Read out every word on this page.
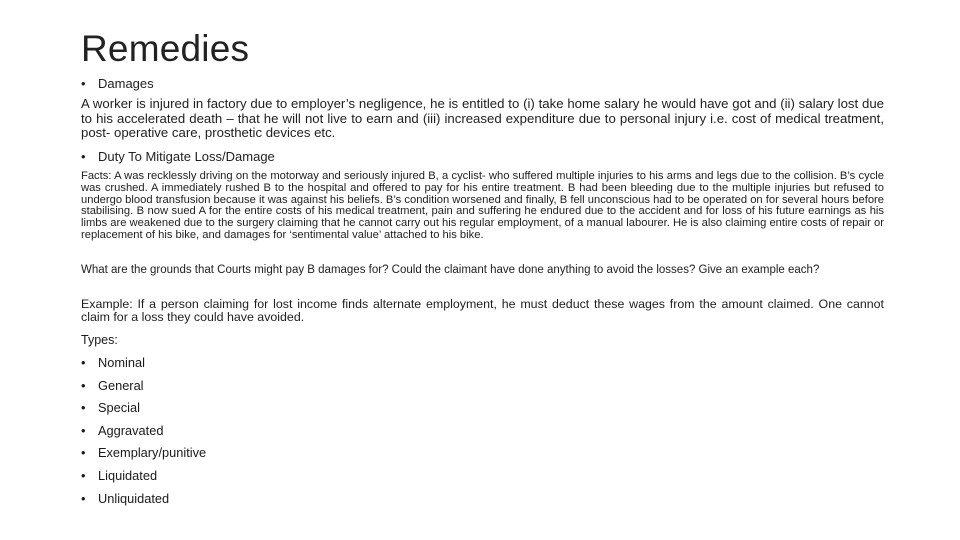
Remedies
• Damages
A worker is injured in factory due to employer’s negligence, he is entitled to (i) take home salary he would have got and (ii) salary lost due to his accelerated death – that he will not live to earn and (iii) increased expenditure due to personal injury i.e. cost of medical treatment, post- operative care, prosthetic devices etc.
• Duty To Mitigate Loss/Damage
Facts: A was recklessly driving on the motorway and seriously injured B, a cyclist- who suffered multiple injuries to his arms and legs due to the collision. B’s cycle was crushed. A immediately rushed B to the hospital and offered to pay for his entire treatment. B had been bleeding due to the multiple injuries but refused to undergo blood transfusion because it was against his beliefs. B’s condition worsened and finally, B fell unconscious had to be operated on for several hours before stabilising. B now sued A for the entire costs of his medical treatment, pain and suffering he endured due to the accident and for loss of his future earnings as his limbs are weakened due to the surgery claiming that he cannot carry out his regular employment, of a manual labourer. He is also claiming entire costs of repair or replacement of his bike, and damages for ‘sentimental value’ attached to his bike.
What are the grounds that Courts might pay B damages for? Could the claimant have done anything to avoid the losses? Give an example each?
Example: If a person claiming for lost income finds alternate employment, he must deduct these wages from the amount claimed. One cannot claim for a loss they could have avoided.
Types:
• Nominal
• General
• Special
• Aggravated
• Exemplary/punitive
• Liquidated
• Unliquidated
